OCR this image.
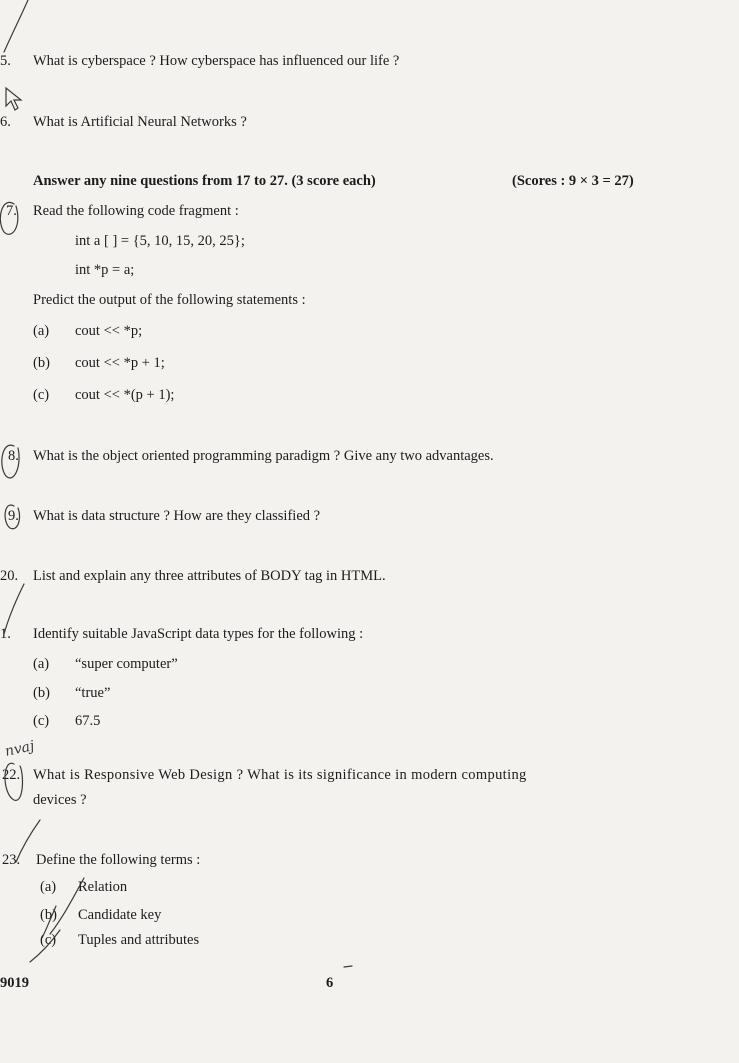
5. What is cyberspace ? How cyberspace has influenced our life ?
6. What is Artificial Neural Networks ?
Answer any nine questions from 17 to 27. (3 score each)	(Scores : 9 × 3 = 27)
7. Read the following code fragment :
int a [ ] = {5, 10, 15, 20, 25};
int *p = a;
Predict the output of the following statements :
(a) cout << *p;
(b) cout << *p + 1;
(c) cout << *(p + 1);
8. What is the object oriented programming paradigm ? Give any two advantages.
9. What is data structure ? How are they classified ?
20. List and explain any three attributes of BODY tag in HTML.
1. Identify suitable JavaScript data types for the following :
(a) “super computer”
(b) “true”
(c) 67.5
22. What is Responsive Web Design ? What is its significance in modern computing
devices ?
23. Define the following terms :
(a) Relation
(b) Candidate key
(c) Tuples and attributes
9019	6
nvaj
